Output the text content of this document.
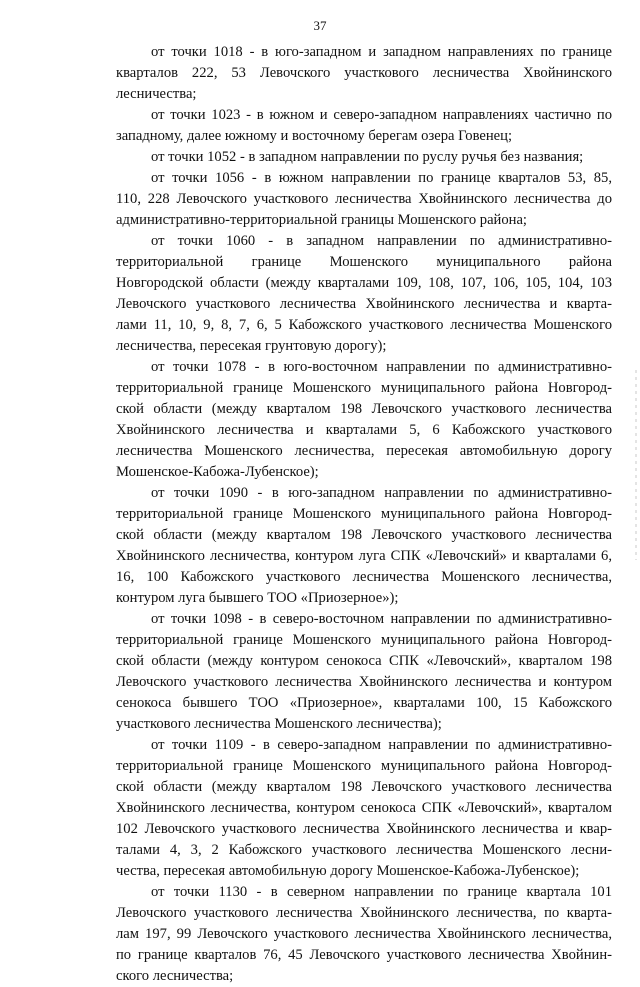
37
от точки 1018 - в юго-западном и западном направлениях по границе
кварталов 222, 53 Левочского участкового лесничества Хвойнинского
лесничества;
от точки 1023 - в южном и северо-западном направлениях частично по
западному, далее южному и восточному берегам озера Говенец;
от точки 1052 - в западном направлении по руслу ручья без названия;
от точки 1056 - в южном направлении по границе кварталов 53, 85,
110, 228 Левочского участкового лесничества Хвойнинского лесничества до
административно-территориальной границы Мошенского района;
от точки 1060 - в западном направлении по административно-
территориальной границе Мошенского муниципального района
Новгородской области (между кварталами 109, 108, 107, 106, 105, 104, 103
Левочского участкового лесничества Хвойнинского лесничества и кварта-
лами 11, 10, 9, 8, 7, 6, 5 Кабожского участкового лесничества Мошенского
лесничества, пересекая грунтовую дорогу);
от точки 1078 - в юго-восточном направлении по административно-
территориальной границе Мошенского муниципального района Новгород-
ской области (между кварталом 198 Левочского участкового лесничества
Хвойнинского лесничества и кварталами 5, 6 Кабожского участкового
лесничества Мошенского лесничества, пересекая автомобильную дорогу
Мошенское-Кабожа-Лубенское);
от точки 1090 - в юго-западном направлении по административно-
территориальной границе Мошенского муниципального района Новгород-
ской области (между кварталом 198 Левочского участкового лесничества
Хвойнинского лесничества, контуром луга СПК «Левочский» и кварталами 6,
16, 100 Кабожского участкового лесничества Мошенского лесничества,
контуром луга бывшего ТОО «Приозерное»);
от точки 1098 - в северо-восточном направлении по административно-
территориальной границе Мошенского муниципального района Новгород-
ской области (между контуром сенокоса СПК «Левочский», кварталом 198
Левочского участкового лесничества Хвойнинского лесничества и контуром
сенокоса бывшего ТОО «Приозерное», кварталами 100, 15 Кабожского
участкового лесничества Мошенского лесничества);
от точки 1109 - в северо-западном направлении по административно-
территориальной границе Мошенского муниципального района Новгород-
ской области (между кварталом 198 Левочского участкового лесничества
Хвойнинского лесничества, контуром сенокоса СПК «Левочский», кварталом
102 Левочского участкового лесничества Хвойнинского лесничества и квар-
талами 4, 3, 2 Кабожского участкового лесничества Мошенского лесни-
чества, пересекая автомобильную дорогу Мошенское-Кабожа-Лубенское);
от точки 1130 - в северном направлении по границе квартала 101
Левочского участкового лесничества Хвойнинского лесничества, по кварта-
лам 197, 99 Левочского участкового лесничества Хвойнинского лесничества,
по границе кварталов 76, 45 Левочского участкового лесничества Хвойнин-
ского лесничества;
